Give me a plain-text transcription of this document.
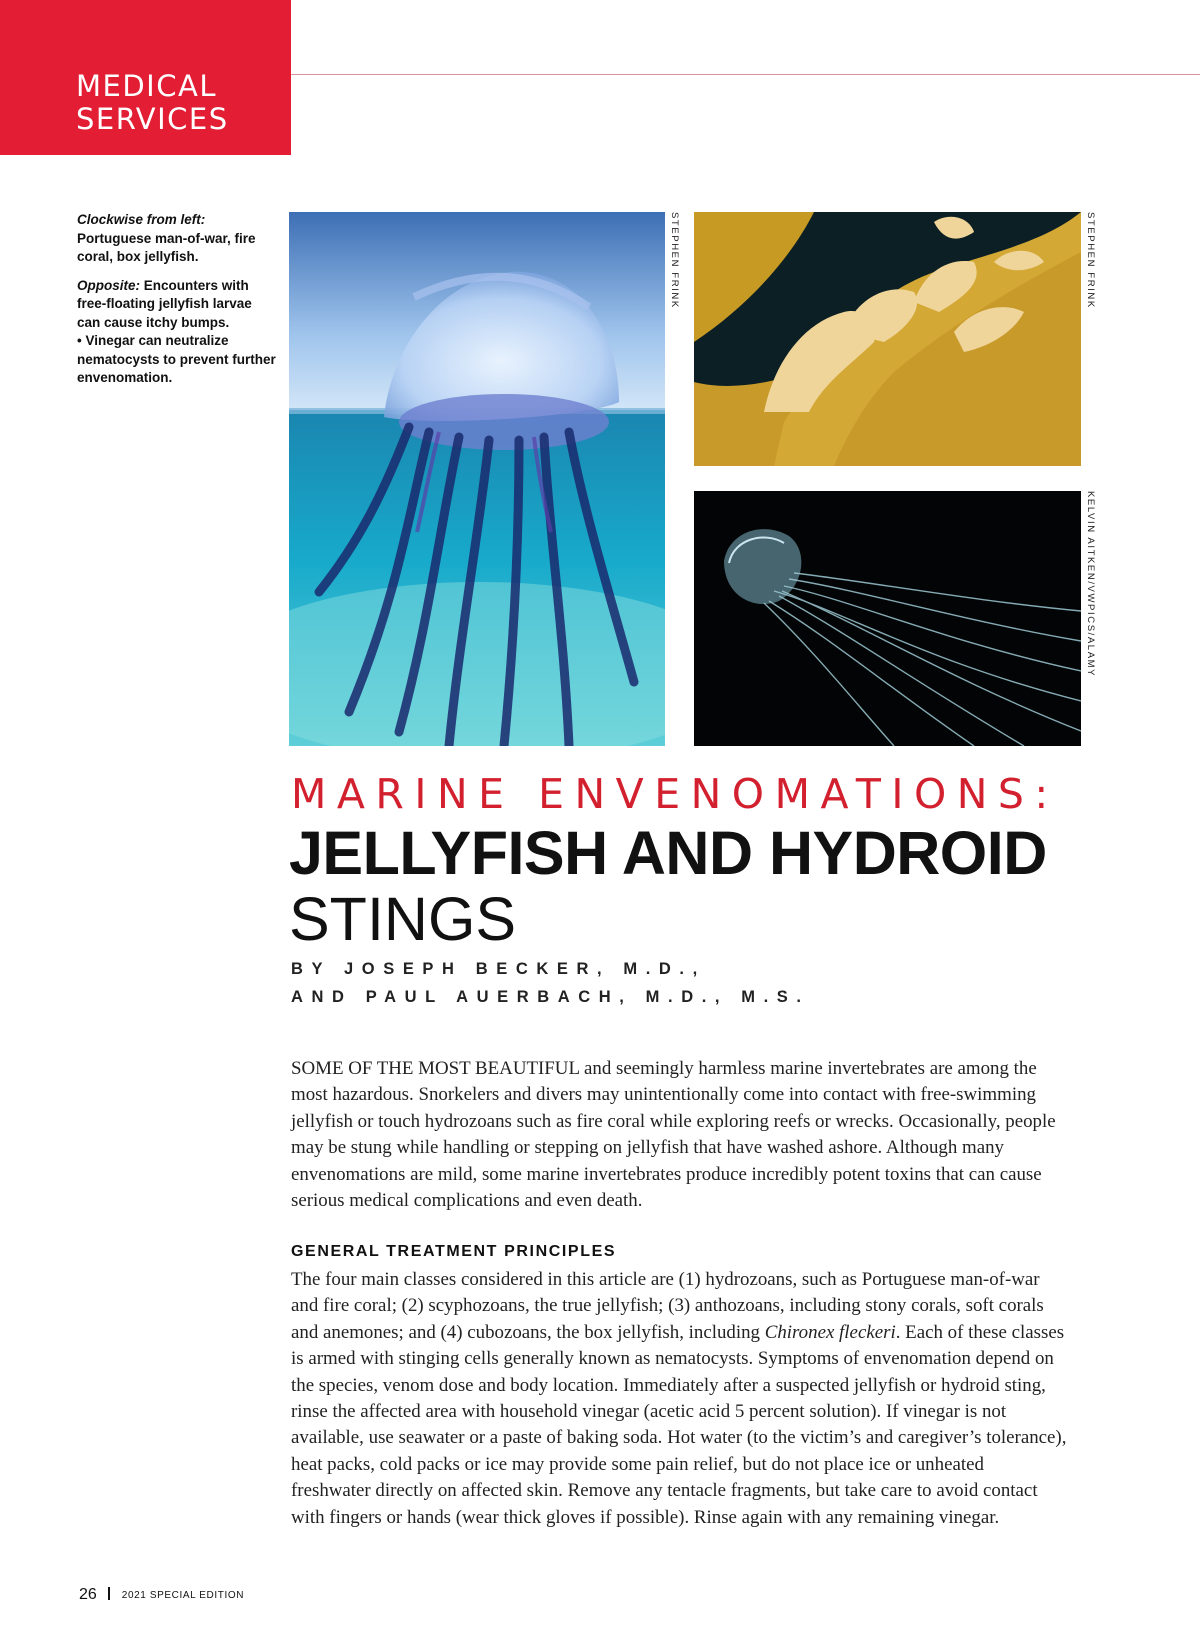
MEDICAL
SERVICES

Clockwise from left: Portuguese man-of-war, fire coral, box jellyfish.

Opposite: Encounters with free-floating jellyfish larvae can cause itchy bumps.
• Vinegar can neutralize nematocysts to prevent further envenomation.

STEPHEN FRINK	STEPHEN FRINK
KELVIN AITKEN/VWPICS/ALAMY
MARINE ENVENOMATIONS:
JELLYFISH AND HYDROID
STINGS
BY JOSEPH BECKER, M.D.,
AND PAUL AUERBACH, M.D., M.S.

SOME OF THE MOST BEAUTIFUL and seemingly harmless marine invertebrates are among the most hazardous. Snorkelers and divers may unintentionally come into contact with free-swimming jellyfish or touch hydrozoans such as fire coral while exploring reefs or wrecks. Occasionally, people may be stung while handling or stepping on jellyfish that have washed ashore. Although many envenomations are mild, some marine invertebrates produce incredibly potent toxins that can cause serious medical complications and even death.

GENERAL TREATMENT PRINCIPLES

The four main classes considered in this article are (1) hydrozoans, such as Portuguese man-of-war and fire coral; (2) scyphozoans, the true jellyfish; (3) anthozoans, including stony corals, soft corals and anemones; and (4) cubozoans, the box jellyfish, including Chironex fleckeri. Each of these classes is armed with stinging cells generally known as nematocysts. Symptoms of envenomation depend on the species, venom dose and body location. Immediately after a suspected jellyfish or hydroid sting, rinse the affected area with household vinegar (acetic acid 5 percent solution). If vinegar is not available, use seawater or a paste of baking soda. Hot water (to the victim’s and caregiver’s tolerance), heat packs, cold packs or ice may provide some pain relief, but do not place ice or unheated freshwater directly on affected skin. Remove any tentacle fragments, but take care to avoid contact with fingers or hands (wear thick gloves if possible). Rinse again with any remaining vinegar.

26	2021 SPECIAL EDITION
